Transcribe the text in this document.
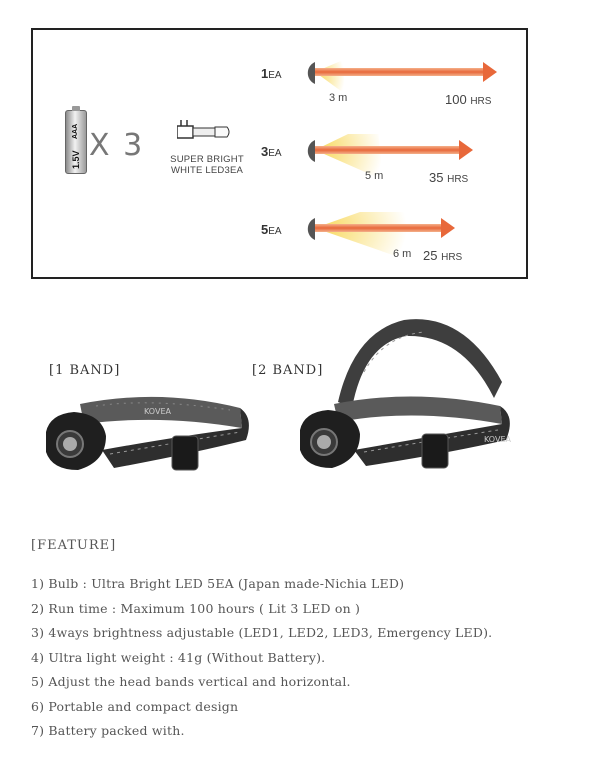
1.5V
AAA X 3	SUPER BRIGHT
WHITE LED3EA
1EA
3 m	100 HRS
3EA
5 m	35 HRS
5EA
6 m 25 HRS
[1 BAND]	[2 BAND]
KOVEA
KOVEA
[FEATURE]
1) Bulb : Ultra Bright LED 5EA (Japan made-Nichia LED)
2) Run time : Maximum 100 hours ( Lit 3 LED on )
3) 4ways brightness adjustable (LED1, LED2, LED3, Emergency LED).
4) Ultra light weight : 41g (Without Battery).
5) Adjust the head bands vertical and horizontal.
6) Portable and compact design
7) Battery packed with.
